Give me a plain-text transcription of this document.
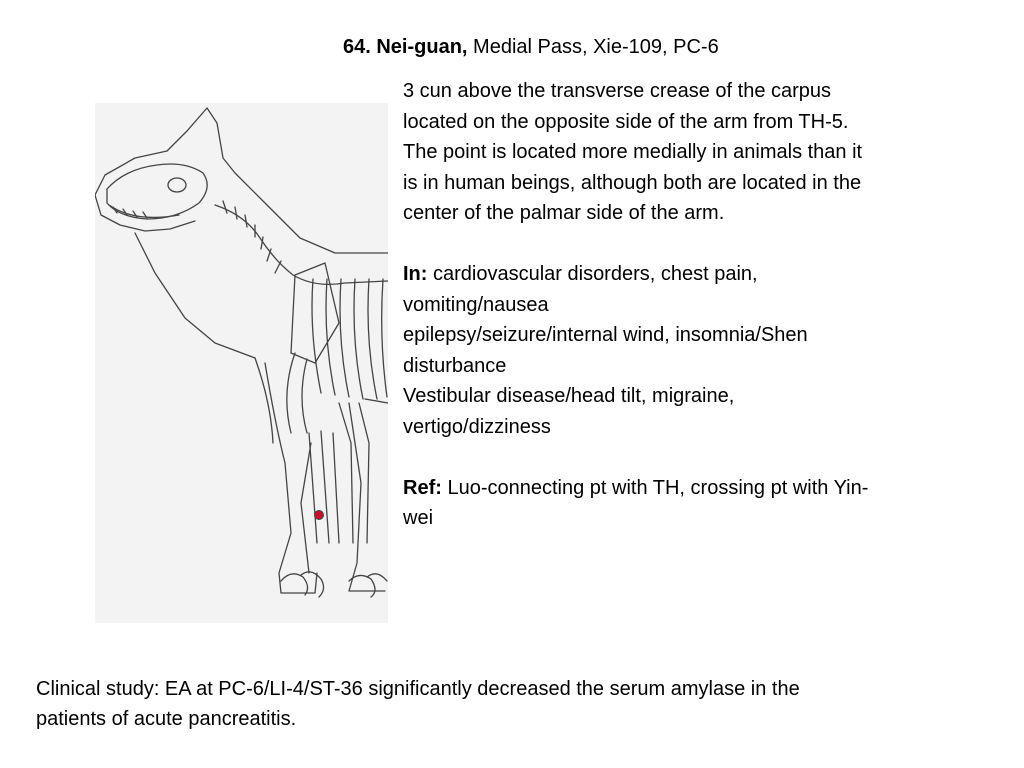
64. Nei-guan, Medial Pass, Xie-109, PC-6

3 cun above the transverse crease of the carpus

located on the opposite side of the arm from TH-5.

The point is located more medially in animals than it

is in human beings, although both are located in the

center of the palmar side of the arm.

In: cardiovascular disorders, chest pain,

vomiting/nausea

epilepsy/seizure/internal wind, insomnia/Shen

disturbance

Vestibular disease/head tilt, migraine,

vertigo/dizziness

Ref: Luo-connecting pt with TH, crossing pt with Yin-

wei

Clinical study: EA at PC-6/LI-4/ST-36 significantly decreased the serum amylase in the
patients of acute pancreatitis.
